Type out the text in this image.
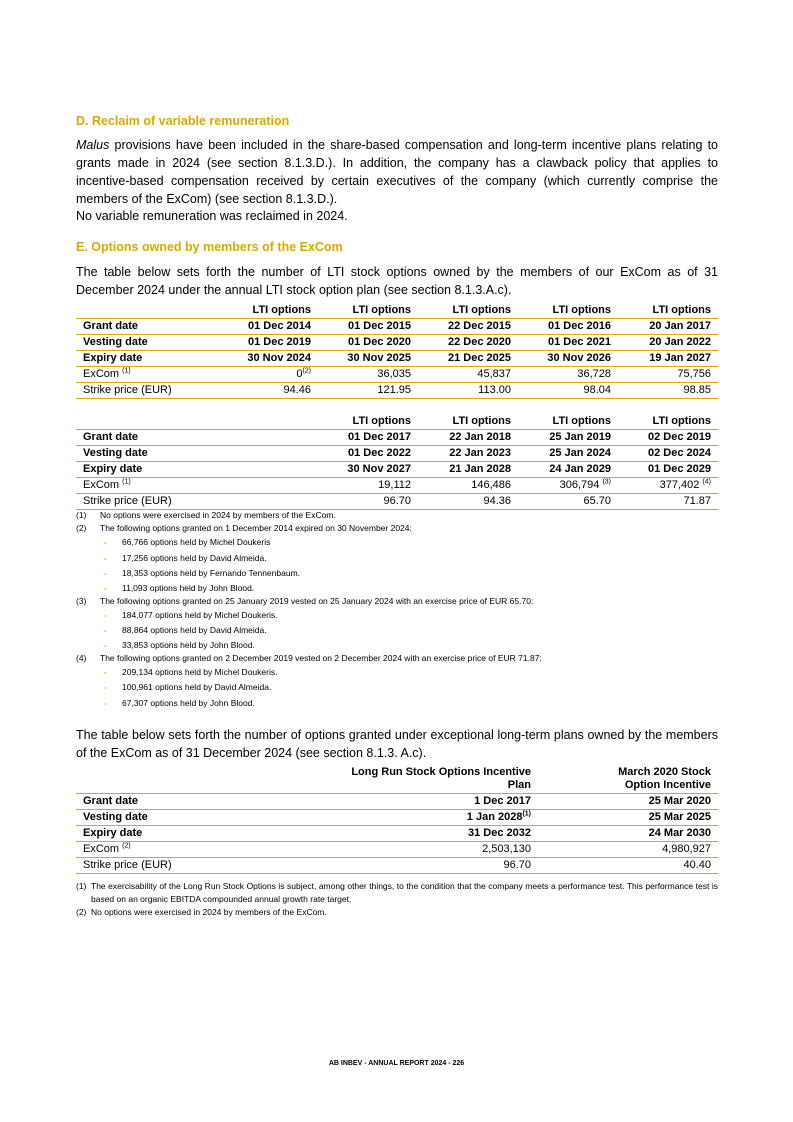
D. Reclaim of variable remuneration

Malus provisions have been included in the share-based compensation and long-term incentive plans relating to grants made in 2024 (see section 8.1.3.D.). In addition, the company has a clawback policy that applies to incentive-based compensation received by certain executives of the company (which currently comprise the members of the ExCom) (see section 8.1.3.D.).

No variable remuneration was reclaimed in 2024.

E. Options owned by members of the ExCom

The table below sets forth the number of LTI stock options owned by the members of our ExCom as of 31 December 2024 under the annual LTI stock option plan (see section 8.1.3.A.c).

	LTI options	LTI options	LTI options	LTI options	LTI options
Grant date	01 Dec 2014	01 Dec 2015	22 Dec 2015	01 Dec 2016	20 Jan 2017
Vesting date	01 Dec 2019	01 Dec 2020	22 Dec 2020	01 Dec 2021	20 Jan 2022
Expiry date	30 Nov 2024	30 Nov 2025	21 Dec 2025	30 Nov 2026	19 Jan 2027
ExCom $^{(1)}$	0$^{(2)}$	36,035	45,837	36,728	75,756
Strike price (EUR)	94.46	121.95	113.00	98.04	98.85
	LTI options	LTI options	LTI options	LTI options
Grant date	01 Dec 2017	22 Jan 2018	25 Jan 2019	02 Dec 2019
Vesting date	01 Dec 2022	22 Jan 2023	25 Jan 2024	02 Dec 2024
Expiry date	30 Nov 2027	21 Jan 2028	24 Jan 2029	01 Dec 2029
ExCom $^{(1)}$	19,112	146,486	306,794 $^{(3)}$	377,402 $^{(4)}$
Strike price (EUR)	96.70	94.36	65.70	71.87
(1) No options were exercised in 2024 by members of the ExCom.
(2) The following options granted on 1 December 2014 expired on 30 November 2024:
- 66,766 options held by Michel Doukeris
- 17,256 options held by David Almeida.
- 18,353 options held by Fernando Tennenbaum.
- 11,093 options held by John Blood.
(3) The following options granted on 25 January 2019 vested on 25 January 2024 with an exercise price of EUR 65.70:
- 184,077 options held by Michel Doukeris.
- 88,864 options held by David Almeida.
- 33,853 options held by John Blood.
(4) The following options granted on 2 December 2019 vested on 2 December 2024 with an exercise price of EUR 71.87:
- 209,134 options held by Michel Doukeris.
- 100,961 options held by David Almeida.
- 67,307 options held by John Blood.

The table below sets forth the number of options granted under exceptional long-term plans owned by the members of the ExCom as of 31 December 2024 (see section 8.1.3. A.c).

	Long Run Stock Options Incentive Plan	March 2020 Stock Option Incentive
Grant date	1 Dec 2017	25 Mar 2020
Vesting date	1 Jan 2028$^{(1)}$	25 Mar 2025
Expiry date	31 Dec 2032	24 Mar 2030
ExCom $^{(2)}$	2,503,130	4,980,927
Strike price (EUR)	96.70	40.40
(1) The exercisability of the Long Run Stock Options is subject, among other things, to the condition that the company meets a performance test. This performance test is based on an organic EBITDA compounded annual growth rate target.
(2) No options were exercised in 2024 by members of the ExCom.
AB INBEV - ANNUAL REPORT 2024 - 226
